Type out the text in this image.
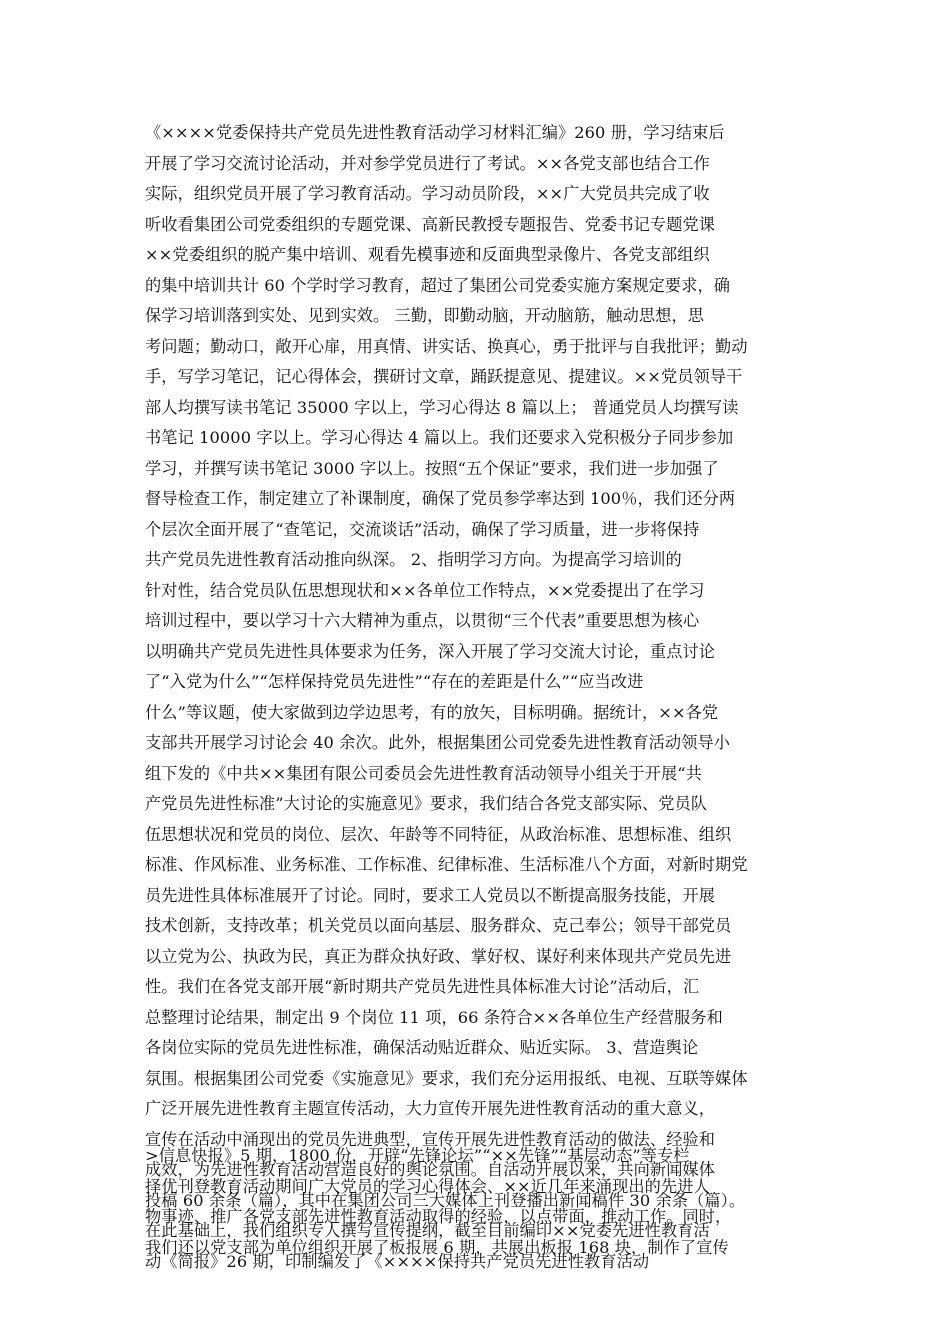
《××××党委保持共产党员先进性教育活动学习材料汇编》260 册，学习结束后
开展了学习交流讨论活动，并对参学党员进行了考试。××各党支部也结合工作
实际，组织党员开展了学习教育活动。学习动员阶段，××广大党员共完成了收
听收看集团公司党委组织的专题党课、高新民教授专题报告、党委书记专题党课
××党委组织的脱产集中培训、观看先模事迹和反面典型录像片、各党支部组织
的集中培训共计 60 个学时学习教育，超过了集团公司党委实施方案规定要求，确
保学习培训落到实处、见到实效。 三勤，即勤动脑，开动脑筋，触动思想，思
考问题；勤动口，敞开心扉，用真情、讲实话、换真心，勇于批评与自我批评；勤动
手，写学习笔记，记心得体会，撰研讨文章，踊跃提意见、提建议。××党员领导干
部人均撰写读书笔记 35000 字以上，学习心得达 8 篇以上； 普通党员人均撰写读
书笔记 10000 字以上。学习心得达 4 篇以上。我们还要求入党积极分子同步参加
学习，并撰写读书笔记 3000 字以上。按照“五个保证”要求，我们进一步加强了
督导检查工作，制定建立了补课制度，确保了党员参学率达到 100％，我们还分两
个层次全面开展了“查笔记，交流谈话”活动，确保了学习质量，进一步将保持
共产党员先进性教育活动推向纵深。 2、指明学习方向。为提高学习培训的
针对性，结合党员队伍思想现状和××各单位工作特点，××党委提出了在学习
培训过程中，要以学习十六大精神为重点，以贯彻“三个代表”重要思想为核心
以明确共产党员先进性具体要求为任务，深入开展了学习交流大讨论，重点讨论
了“入党为什么”“怎样保持党员先进性”“存在的差距是什么”“应当改进
什么”等议题，使大家做到边学边思考，有的放矢，目标明确。据统计，××各党
支部共开展学习讨论会 40 余次。此外，根据集团公司党委先进性教育活动领导小
组下发的《中共××集团有限公司委员会先进性教育活动领导小组关于开展“共
产党员先进性标准”大讨论的实施意见》要求，我们结合各党支部实际、党员队
伍思想状况和党员的岗位、层次、年龄等不同特征，从政治标准、思想标准、组织
标准、作风标准、业务标准、工作标准、纪律标准、生活标准八个方面，对新时期党
员先进性具体标准展开了讨论。同时，要求工人党员以不断提高服务技能，开展
技术创新，支持改革；机关党员以面向基层、服务群众、克己奉公；领导干部党员
以立党为公、执政为民，真正为群众执好政、掌好权、谋好利来体现共产党员先进
性。我们在各党支部开展“新时期共产党员先进性具体标准大讨论”活动后，汇
总整理讨论结果，制定出 9 个岗位 11 项，66 条符合××各单位生产经营服务和
各岗位实际的党员先进性标准，确保活动贴近群众、贴近实际。 3、营造舆论
氛围。根据集团公司党委《实施意见》要求，我们充分运用报纸、电视、互联等媒体
广泛开展先进性教育主题宣传活动，大力宣传开展先进性教育活动的重大意义，
宣传在活动中涌现出的党员先进典型，宣传开展先进性教育活动的做法、经验和
成效，为先进性教育活动营造良好的舆论氛围。自活动开展以来，共向新闻媒体
投稿 60 余条（篇），其中在集团公司三大媒体上刊登播出新闻稿件 30 余条（篇）。
在此基础上，我们组织专人撰写宣传提纲，截至目前编印××党委先进性教育活
动《简报》26 期，印制编发了《××××保持共产党员先进性教育活动
>信息快报》5 期，1800 份，开辟“先锋论坛”“××先锋”“基层动态”等专栏
择优刊登教育活动期间广大党员的学习心得体会、××近几年来涌现出的先进人
物事迹、推广各党支部先进性教育活动取得的经验，以点带面，推动工作。同时，
我们还以党支部为单位组织开展了板报展 6 期，共展出板报 168 块，制作了宣传
